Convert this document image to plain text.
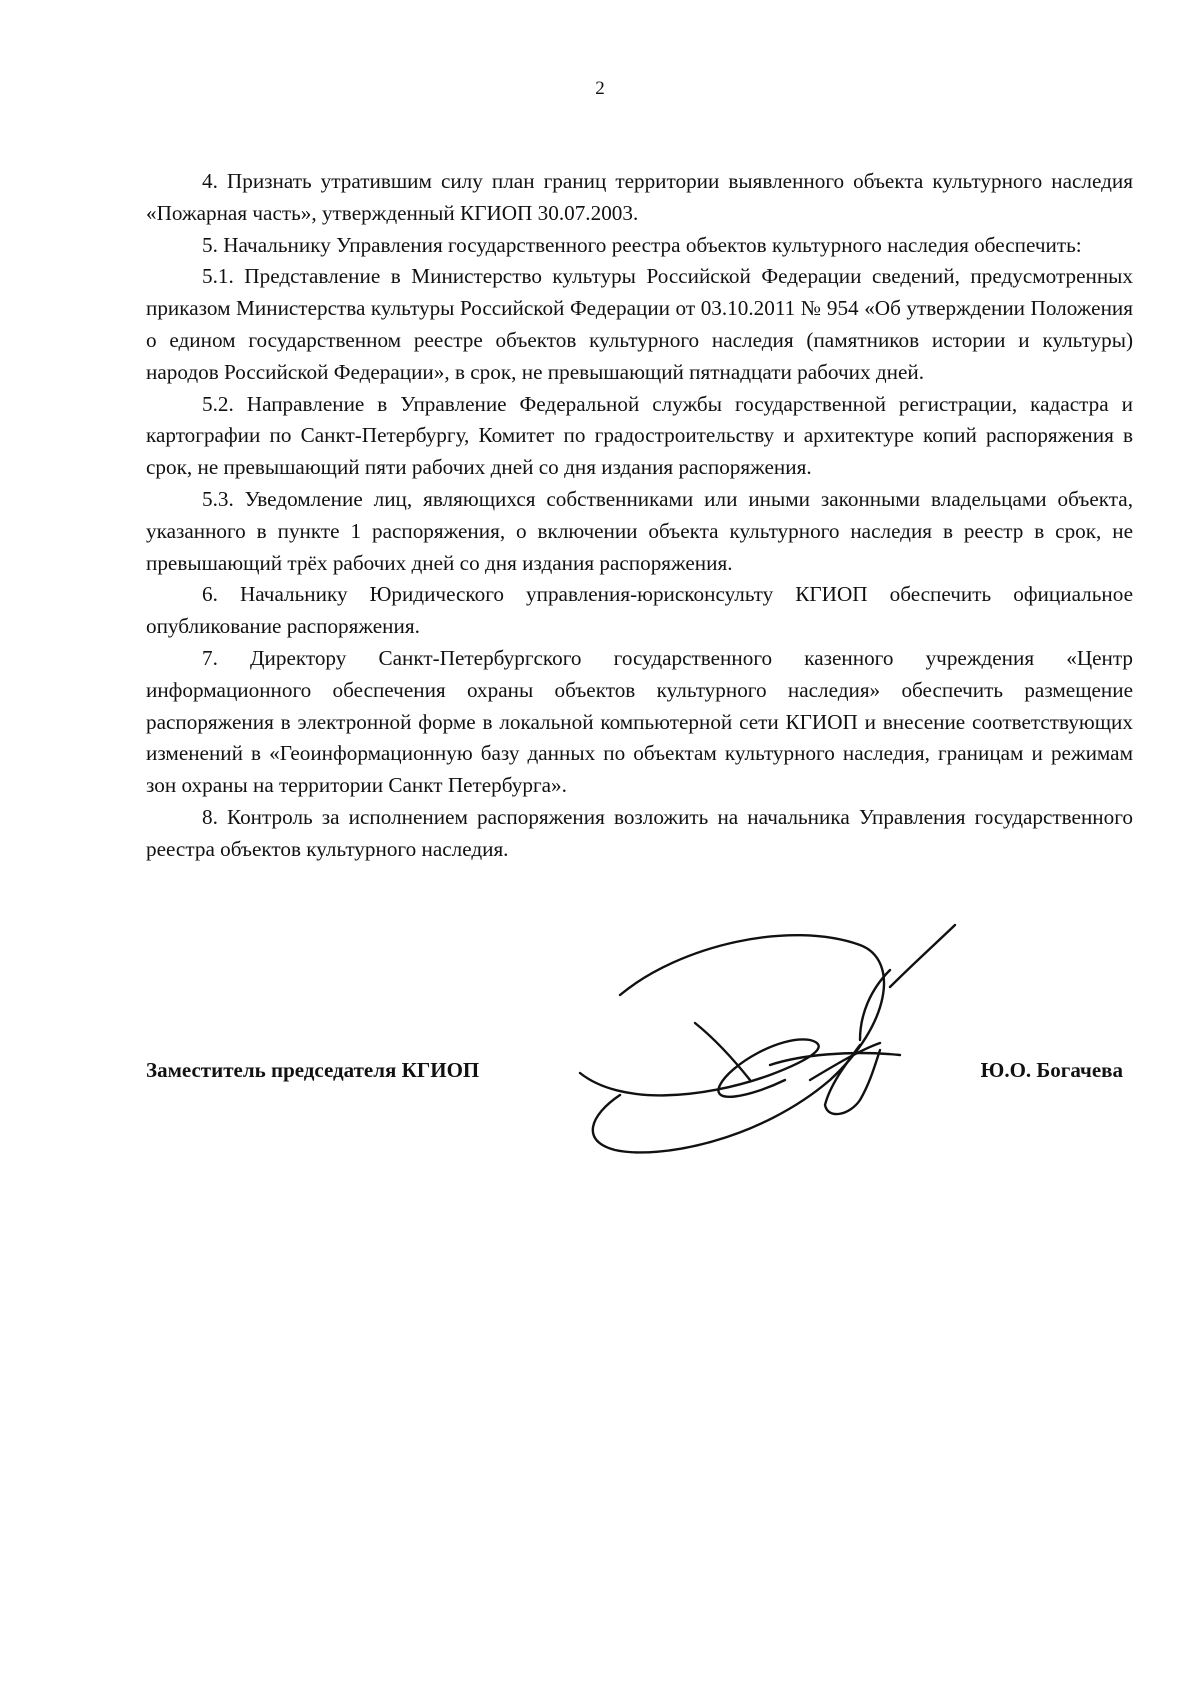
2

4. Признать утратившим силу план границ территории выявленного объекта культурного наследия «Пожарная часть», утвержденный КГИОП 30.07.2003.

5. Начальнику Управления государственного реестра объектов культурного наследия обеспечить:

5.1. Представление в Министерство культуры Российской Федерации сведений, предусмотренных приказом Министерства культуры Российской Федерации от 03.10.2011 № 954 «Об утверждении Положения о едином государственном реестре объектов культурного наследия (памятников истории и культуры) народов Российской Федерации», в срок, не превышающий пятнадцати рабочих дней.

5.2. Направление в Управление Федеральной службы государственной регистрации, кадастра и картографии по Санкт-Петербургу, Комитет по градостроительству и архитектуре копий распоряжения в срок, не превышающий пяти рабочих дней со дня издания распоряжения.

5.3. Уведомление лиц, являющихся собственниками или иными законными владельцами объекта, указанного в пункте 1 распоряжения, о включении объекта культурного наследия в реестр в срок, не превышающий трёх рабочих дней со дня издания распоряжения.

6. Начальнику Юридического управления-юрисконсульту КГИОП обеспечить официальное опубликование распоряжения.

7. Директору Санкт-Петербургского государственного казенного учреждения «Центр информационного обеспечения охраны объектов культурного наследия» обеспечить размещение распоряжения в электронной форме в локальной компьютерной сети КГИОП и внесение соответствующих изменений в «Геоинформационную базу данных по объектам культурного наследия, границам и режимам зон охраны на территории Санкт Петербурга».

8. Контроль за исполнением распоряжения возложить на начальника Управления государственного реестра объектов культурного наследия.

Заместитель председателя КГИОП	Ю.О. Богачева
